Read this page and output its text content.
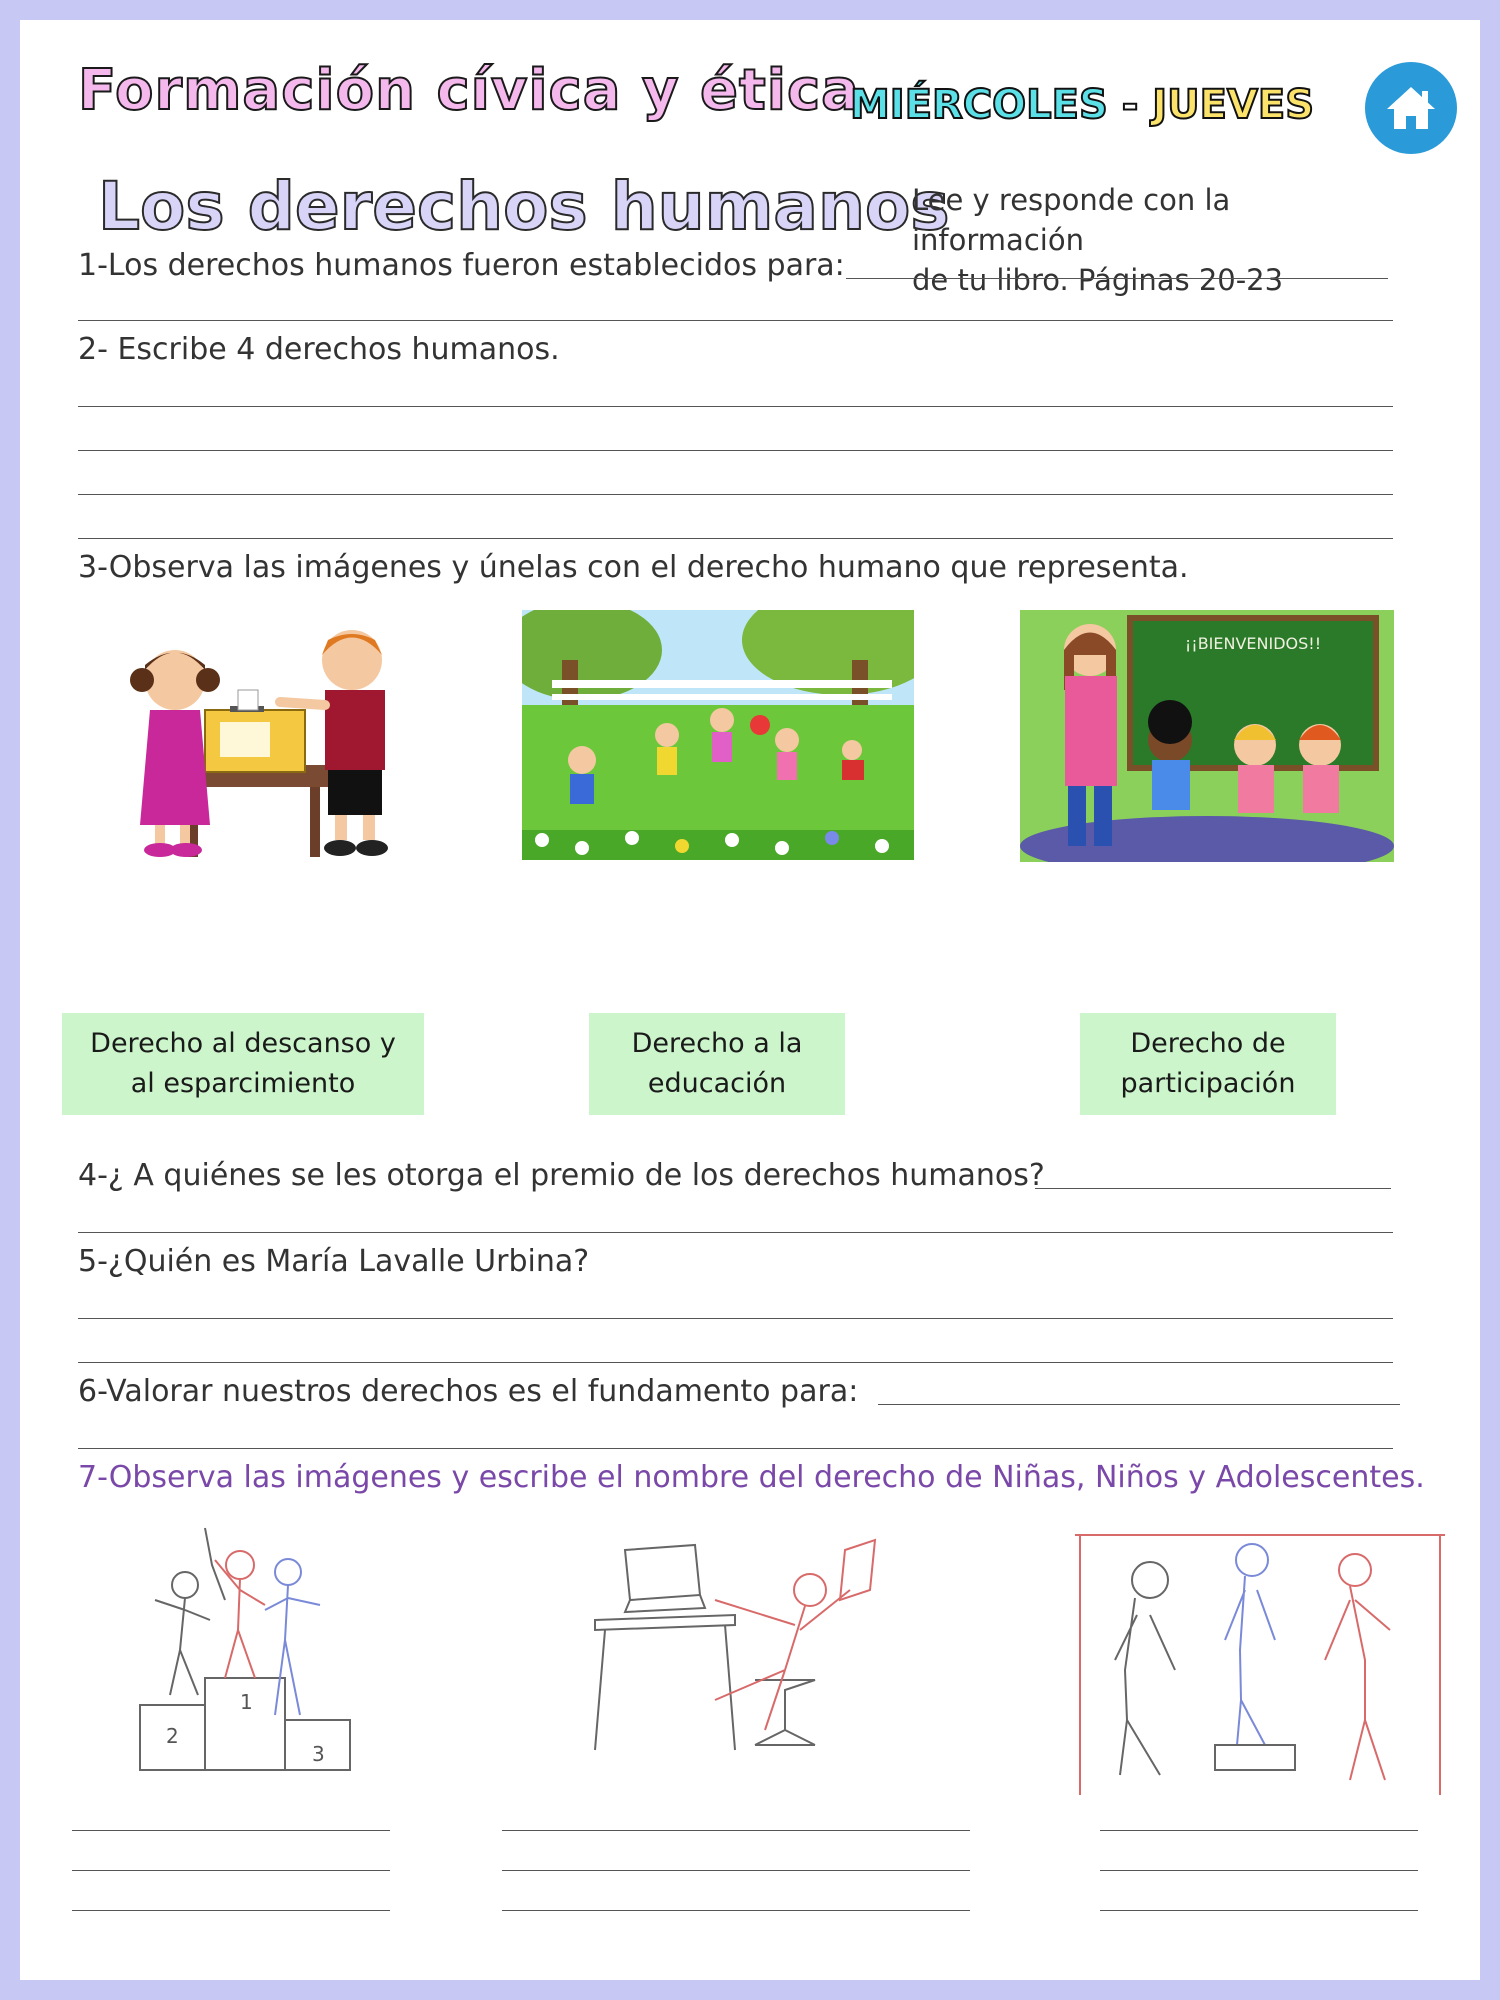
Formación cívica y ética
MIÉRCOLES - JUEVES
Los derechos humanos
Lee y responde con la información
de tu libro. Páginas 20-23
1-Los derechos humanos fueron establecidos para:
2- Escribe 4 derechos humanos.
3-Observa las imágenes y únelas con el derecho humano que representa.
¡¡BIENVENIDOS!!
Derecho al descanso y
al esparcimiento
Derecho a la
educación
Derecho de
participación
4-¿ A quiénes se les otorga el premio de los derechos humanos?
5-¿Quién es María Lavalle Urbina?
6-Valorar nuestros derechos es el fundamento para:
7-Observa las imágenes y escribe el nombre del derecho de Niñas, Niños y Adolescentes.
2
1
3
